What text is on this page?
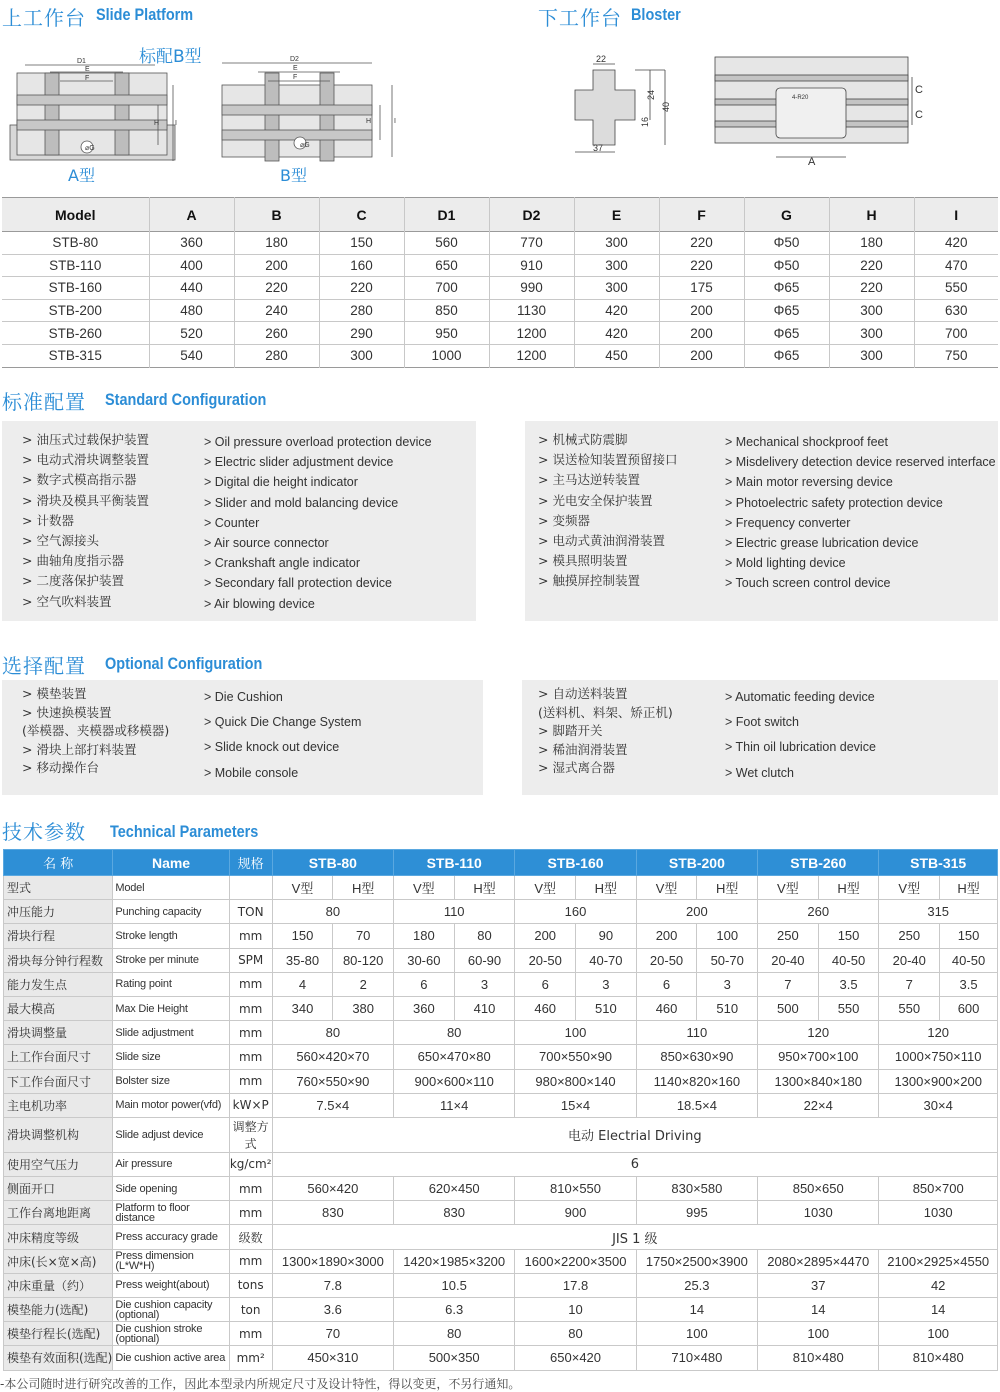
上工作台 Slide Platform
标配B型
D1
E
F
H I
⌀G
A型
D2
E
F
H	I
⌀G
B型
下工作台 Bloster
22
24
40
16
37
4-R20
A
C
C
Model	A	B	C	D1	D2	E	F	G	H	I
STB-80	360	180	150	560	770	300	220	Φ50	180	420
STB-110	400	200	160	650	910	300	220	Φ50	220	470
STB-160	440	220	220	700	990	300	175	Φ65	220	550
STB-200	480	240	280	850	1130	420	200	Φ65	300	630
STB-260	520	260	290	950	1200	420	200	Φ65	300	700
STB-315	540	280	300	1000	1200	450	200	Φ65	300	750
标准配置 Standard Configuration
> 油压式过载保护装置
> 电动式滑块调整装置
> 数字式模高指示器
> 滑块及模具平衡装置
> 计数器
> 空气源接头
> 曲轴角度指示器
> 二度落保护装置
> 空气吹料装置
> Oil pressure overload protection device
> Electric slider adjustment device
> Digital die height indicator
> Slider and mold balancing device
> Counter
> Air source connector
> Crankshaft angle indicator
> Secondary fall protection device
> Air blowing device
> 机械式防震脚
> 误送检知装置预留接口
> 主马达逆转装置
> 光电安全保护装置
> 变频器
> 电动式黄油润滑装置
> 模具照明装置
> 触摸屏控制装置
> Mechanical shockproof feet
> Misdelivery detection device reserved interface
> Main motor reversing device
> Photoelectric safety protection device
> Frequency converter
> Electric grease lubrication device
> Mold lighting device
> Touch screen control device
选择配置 Optional Configuration
> 模垫装置
> 快速换模装置
(举模器、夹模器或移模器)
> 滑块上部打料装置
> 移动操作台
> Die Cushion
> Quick Die Change System
> Slide knock out device
> Mobile console
> 自动送料装置
(送料机、料架、矫正机)
> 脚踏开关
> 稀油润滑装置
> 湿式离合器
> Automatic feeding device
> Foot switch
> Thin oil lubrication device
> Wet clutch
技术参数 Technical Parameters
名 称	Name	规格	STB-80		STB-110		STB-160		STB-200		STB-260		STB-315	
型式	Model		V型	H型	V型	H型	V型	H型	V型	H型	V型	H型	V型	H型
冲压能力	Punching capacity	TON	80		110		160		200		260		315	
滑块行程	Stroke length	mm	150	70	180	80	200	90	200	100	250	150	250	150
滑块每分钟行程数	Stroke per minute	SPM	35-80	80-120	30-60	60-90	20-50	40-70	20-50	50-70	20-40	40-50	20-40	40-50
能力发生点	Rating point	mm	4	2	6	3	6	3	6	3	7	3.5	7	3.5
最大模高	Max Die Height	mm	340	380	360	410	460	510	460	510	500	550	550	600
滑块调整量	Slide adjustment	mm	80		80		100		110		120		120	
上工作台面尺寸	Slide size	mm	560×420×70		650×470×80		700×550×90		850×630×90		950×700×100		1000×750×110	
下工作台面尺寸	Bolster size	mm	760×550×90		900×600×110		980×800×140		1140×820×160		1300×840×180		1300×900×200	
主电机功率	Main motor power(vfd)	kW×P	7.5×4		11×4		15×4		18.5×4		22×4		30×4	
滑块调整机构	Slide adjust device	调整方式	电动 Electrial Driving											
使用空气压力	Air pressure	kg/cm²	6											
侧面开口	Side opening	mm	560×420		620×450		810×550		830×580		850×650		850×700	
工作台离地距离	Platform to floor distance	mm	830		830		900		995		1030		1030	
冲床精度等级	Press accuracy grade	级数	JIS 1 级											
冲床(长×宽×高)	Press dimension (L*W*H)	mm	1300×1890×3000		1420×1985×3200		1600×2200×3500		1750×2500×3900		2080×2895×4470		2100×2925×4550	
冲床重量（约）	Press weight(about)	tons	7.8		10.5		17.8		25.3		37		42	
模垫能力(选配)	Die cushion capacity (optional)	ton	3.6		6.3		10		14		14		14	
模垫行程长(选配)	Die cushion stroke (optional)	mm	70		80		80		100		100		100	
模垫有效面积(选配)	Die cushion active area	mm²	450×310		500×350		650×420		710×480		810×480		810×480	
-本公司随时进行研究改善的工作，因此本型录内所规定尺寸及设计特性，得以变更，不另行通知。
